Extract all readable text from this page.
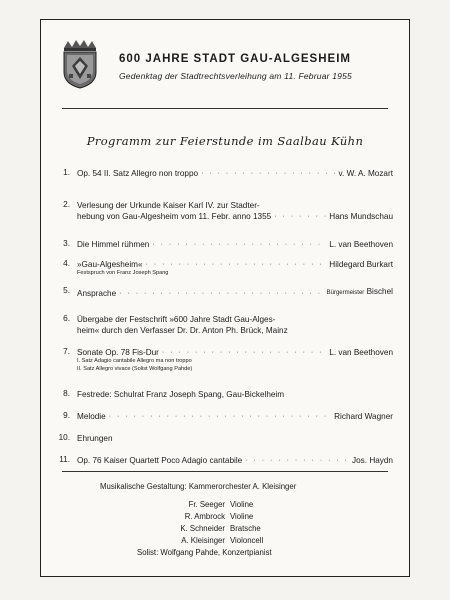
600 JAHRE STADT GAU-ALGESHEIM
Gedenktag der Stadtrechtsverleihung am 11. Februar 1955
Programm zur Feierstunde im Saalbau Kühn
1. Op. 54 II. Satz Allegro non troppo · · ·	v. W. A. Mozart
2. Verlesung der Urkunde Kaiser Karl IV. zur Stadter-
hebung von Gau-Algesheim vom 11. Febr. anno 1355 · · ·	Hans Mundschau
3. Die Himmel rühmen · · ·	L. van Beethoven
4. »Gau-Algesheim« · · ·	Hildegard Burkart
Festspruch von Franz Joseph Spang
5. Ansprache · · ·	Bürgermeister Bischel
6. Übergabe der Festschrift »600 Jahre Stadt Gau-Alges-
heim« durch den Verfasser Dr. Dr. Anton Ph. Brück, Mainz
7. Sonate Op. 78 Fis-Dur · · ·	L. van Beethoven
I. Satz Adagio cantabile Allegro ma non troppo
II. Satz Allegro vivace (Solist Wolfgang Pahde)
8. Festrede: Schulrat Franz Joseph Spang, Gau-Bickelheim
9. Melodie · · ·	Richard Wagner
10. Ehrungen
11. Op. 76 Kaiser Quartett Poco Adagio cantabile · · ·	Jos. Haydn
Musikalische Gestaltung: Kammerorchester A. Kleisinger
Fr. Seeger Violine
R. Ambrock Violine
K. Schneider Bratsche
A. Kleisinger Violoncell
Solist: Wolfgang Pahde, Konzertpianist
